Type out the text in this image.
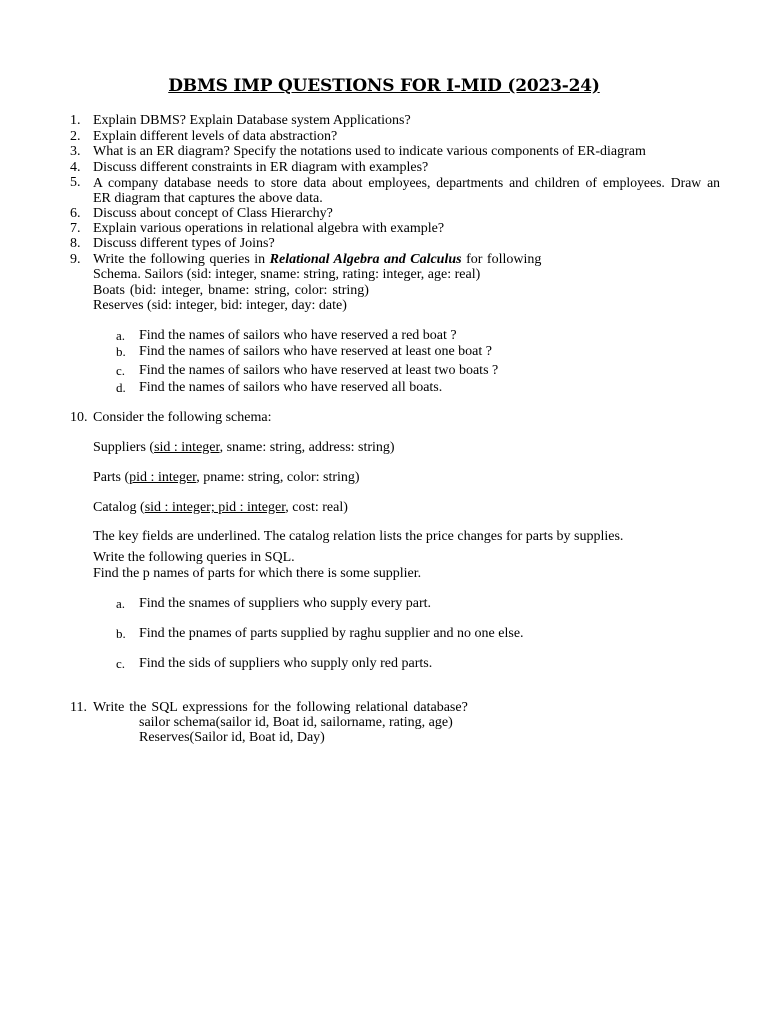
DBMS IMP QUESTIONS FOR I-MID (2023-24)
1. Explain DBMS? Explain Database system Applications?
2. Explain different levels of data abstraction?
3. What is an ER diagram? Specify the notations used to indicate various components of ER-diagram
4. Discuss different constraints in ER diagram with examples?
5. A company database needs to store data about employees, departments and children of employees. Draw an
ER diagram that captures the above data.
6. Discuss about concept of Class Hierarchy?
7. Explain various operations in relational algebra with example?
8. Discuss different types of Joins?
9. Write the following queries in Relational Algebra and Calculus for following
Schema. Sailors (sid: integer, sname: string, rating: integer, age: real)
Boats (bid: integer, bname: string, color: string)
Reserves (sid: integer, bid: integer, day: date)
a. Find the names of sailors who have reserved a red boat ?
b. Find the names of sailors who have reserved at least one boat ?
c. Find the names of sailors who have reserved at least two boats ?
d. Find the names of sailors who have reserved all boats.
10. Consider the following schema:
Suppliers (sid : integer, sname: string, address: string)
Parts (pid : integer, pname: string, color: string)
Catalog (sid : integer; pid : integer, cost: real)
The key fields are underlined. The catalog relation lists the price changes for parts by supplies.
Write the following queries in SQL.
Find the p names of parts for which there is some supplier.
a. Find the snames of suppliers who supply every part.
b. Find the pnames of parts supplied by raghu supplier and no one else.
c. Find the sids of suppliers who supply only red parts.
11. Write the SQL expressions for the following relational database?
sailor schema(sailor id, Boat id, sailorname, rating, age)
Reserves(Sailor id, Boat id, Day)
